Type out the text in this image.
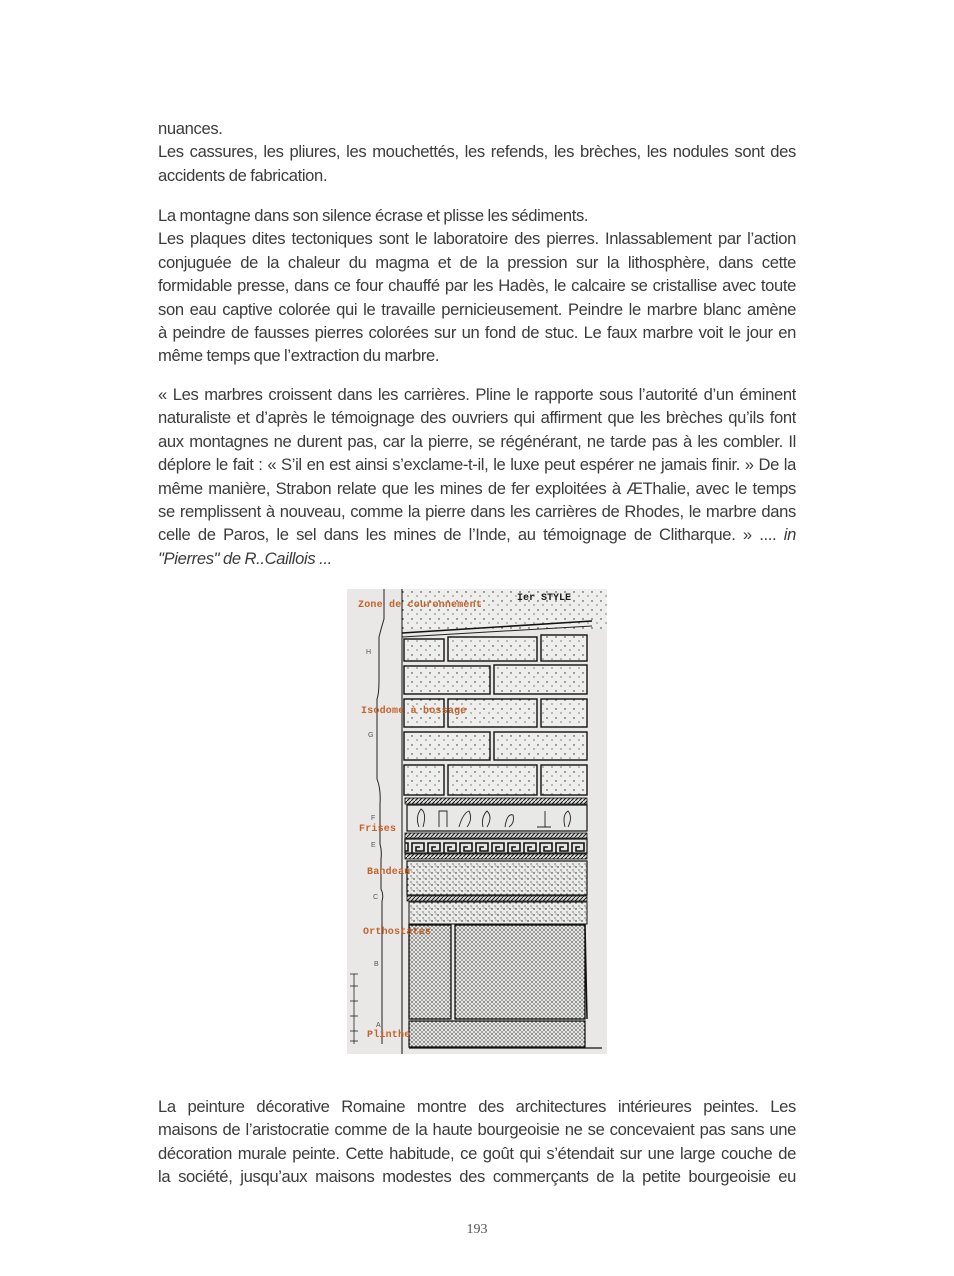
nuances.
Les cassures, les pliures, les mouchettés, les refends, les brèches, les nodules sont des
accidents de fabrication.
La montagne dans son silence écrase et plisse les sédiments.
Les plaques dites tectoniques sont le laboratoire des pierres. Inlassablement par l’action
conjuguée de la chaleur du magma et de la pression sur la lithosphère, dans cette
formidable presse, dans ce four chauffé par les Hadès, le calcaire se cristallise avec toute
son eau captive colorée qui le travaille pernicieusement. Peindre le marbre blanc amène
à peindre de fausses pierres colorées sur un fond de stuc. Le faux marbre voit le jour en
même temps que l’extraction du marbre.
« Les marbres croissent dans les carrières. Pline le rapporte sous l’autorité d’un éminent
naturaliste et d’après le témoignage des ouvriers qui affirment que les brèches qu’ils font
aux montagnes ne durent pas, car la pierre, se régénérant, ne tarde pas à les combler. Il
déplore le fait : « S’il en est ainsi s’exclame-t-il, le luxe peut espérer ne jamais finir. » De la
même manière, Strabon relate que les mines de fer exploitées à ÆThalie, avec le temps
se remplissent à nouveau, comme la pierre dans les carrières de Rhodes, le marbre dans
celle de Paros, le sel dans les mines de l’Inde, au témoignage de Clitharque. » .... in
"Pierres" de R..Caillois ...
Ier STYLE
Zone de couronnement
Isodome à bossage
Frises
Bandeau
Orthostates
Plinthe
H
G
F
E
C
B
A
La peinture décorative Romaine montre des architectures intérieures peintes. Les
maisons de l’aristocratie comme de la haute bourgeoisie ne se concevaient pas sans une
décoration murale peinte. Cette habitude, ce goût qui s’étendait sur une large couche de
la société, jusqu’aux maisons modestes des commerçants de la petite bourgeoisie eu
193
